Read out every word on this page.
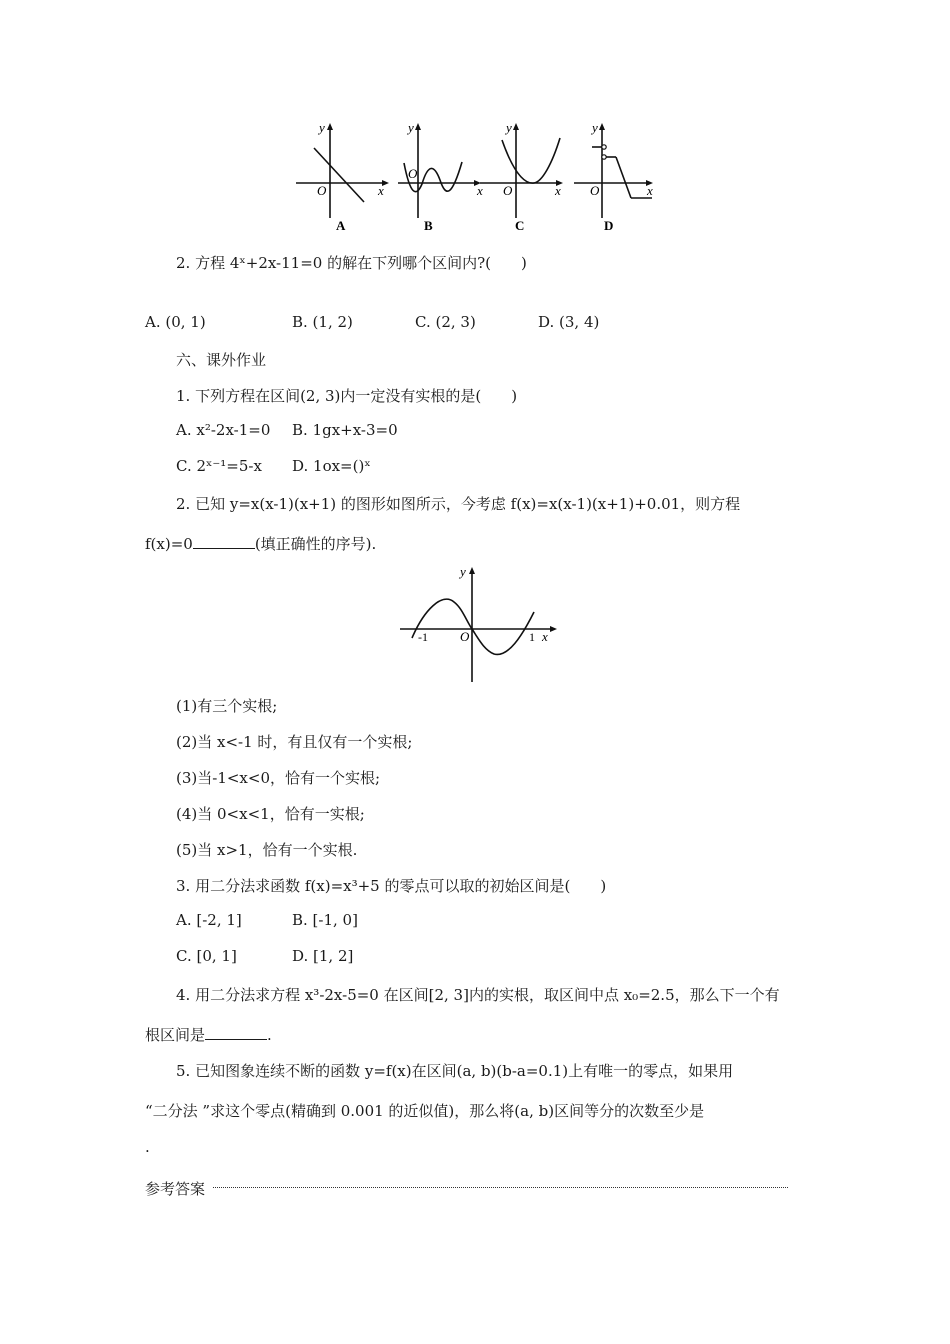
y
x
O
A
y
x
O
B
y
x
O
C
y
x
O
D
2. 方程 4ˣ+2x-11=0 的解在下列哪个区间内?(　　)
A. (0, 1)	B. (1, 2)	C. (2, 3)	D. (3, 4)
六、课外作业
1. 下列方程在区间(2, 3)内一定没有实根的是(　　)
A. x²-2x-1=0 B. 1gx+x-3=0
C. 2ˣ⁻¹=5-x D. 1ox=()ˣ
2. 已知 y=x(x-1)(x+1) 的图形如图所示，今考虑 f(x)=x(x-1)(x+1)+0.01，则方程
f(x)=0	(填正确性的序号).
y
x
O
-1	1
(1)有三个实根;
(2)当 x<-1 时，有且仅有一个实根;
(3)当-1<x<0，恰有一个实根;
(4)当 0<x<1，恰有一实根;
(5)当 x>1，恰有一个实根.
3. 用二分法求函数 f(x)=x³+5 的零点可以取的初始区间是(　　)
A. [-2, 1]	B. [-1, 0]
C. [0, 1]	D. [1, 2]
4. 用二分法求方程 x³-2x-5=0 在区间[2, 3]内的实根，取区间中点 x₀=2.5，那么下一个有
根区间是	.
5. 已知图象连续不断的函数 y=f(x)在区间(a, b)(b-a=0.1)上有唯一的零点，如果用
“二分法 ”求这个零点(精确到 0.001 的近似值)，那么将(a, b)区间等分的次数至少是
.
参考答案
